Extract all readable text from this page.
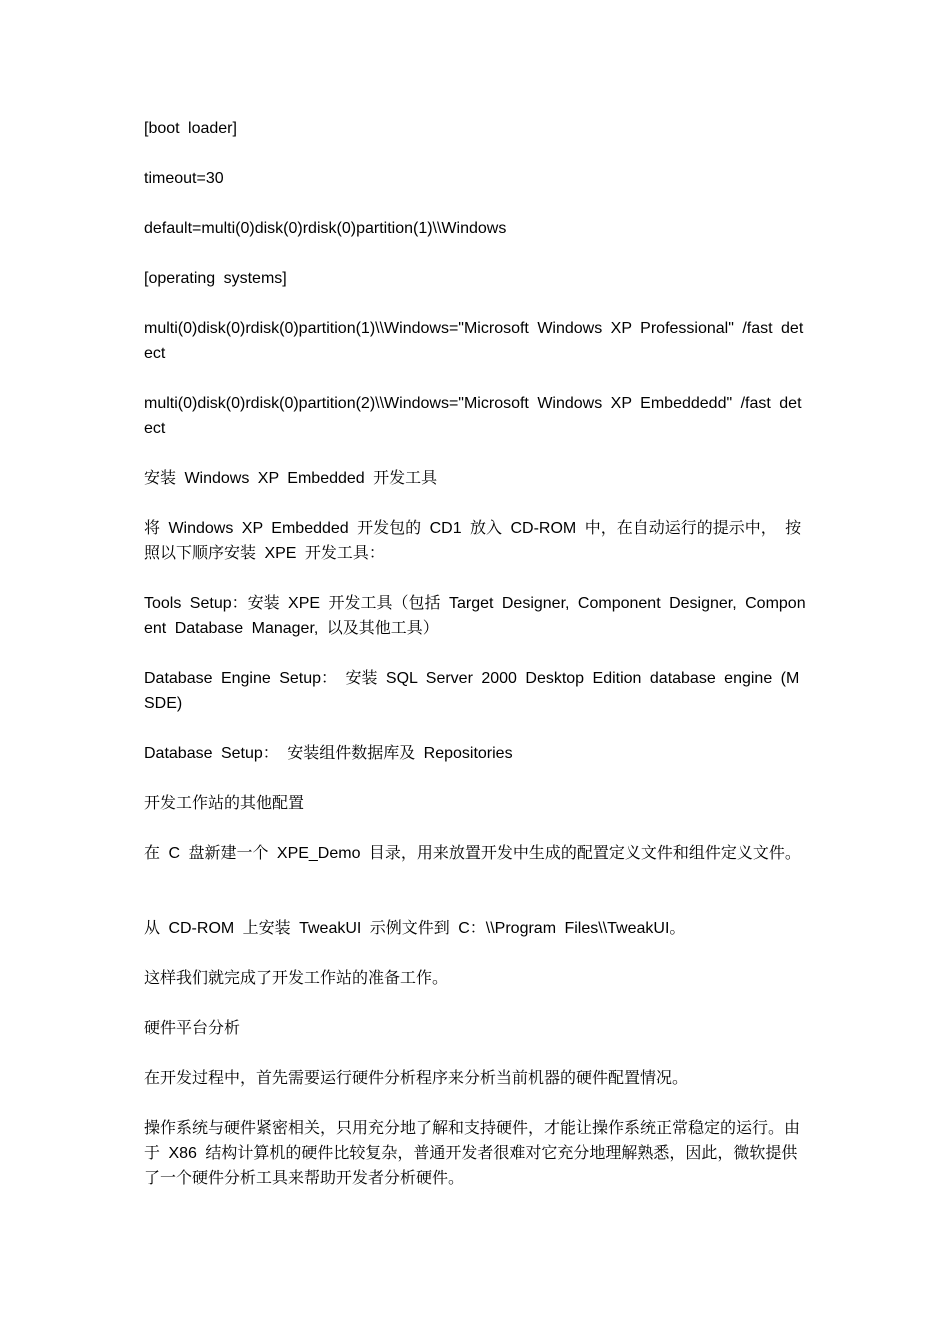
[boot loader]

timeout=30

default=multi(0)disk(0)rdisk(0)partition(1)\\Windows

[operating systems]

multi(0)disk(0)rdisk(0)partition(1)\\Windows="Microsoft Windows XP Professional" /fast detect

multi(0)disk(0)rdisk(0)partition(2)\\Windows="Microsoft Windows XP Embeddedd" /fast detect

安装 Windows XP Embedded 开发工具

将 Windows XP Embedded 开发包的 CD1 放入 CD-ROM 中，在自动运行的提示中， 按照以下顺序安装 XPE 开发工具：

Tools Setup：安装 XPE 开发工具（包括 Target Designer, Component Designer, Component Database Manager, 以及其他工具）

Database Engine Setup： 安装 SQL Server 2000 Desktop Edition database engine (MSDE)

Database Setup： 安装组件数据库及 Repositories

开发工作站的其他配置

在 C 盘新建一个 XPE_Demo 目录，用来放置开发中生成的配置定义文件和组件定义文件。

从 CD-ROM 上安装 TweakUI 示例文件到 C：\\Program Files\\TweakUI。

这样我们就完成了开发工作站的准备工作。

硬件平台分析

在开发过程中，首先需要运行硬件分析程序来分析当前机器的硬件配置情况。

操作系统与硬件紧密相关，只用充分地了解和支持硬件，才能让操作系统正常稳定的运行。由于 X86 结构计算机的硬件比较复杂，普通开发者很难对它充分地理解熟悉，因此，微软提供了一个硬件分析工具来帮助开发者分析硬件。
